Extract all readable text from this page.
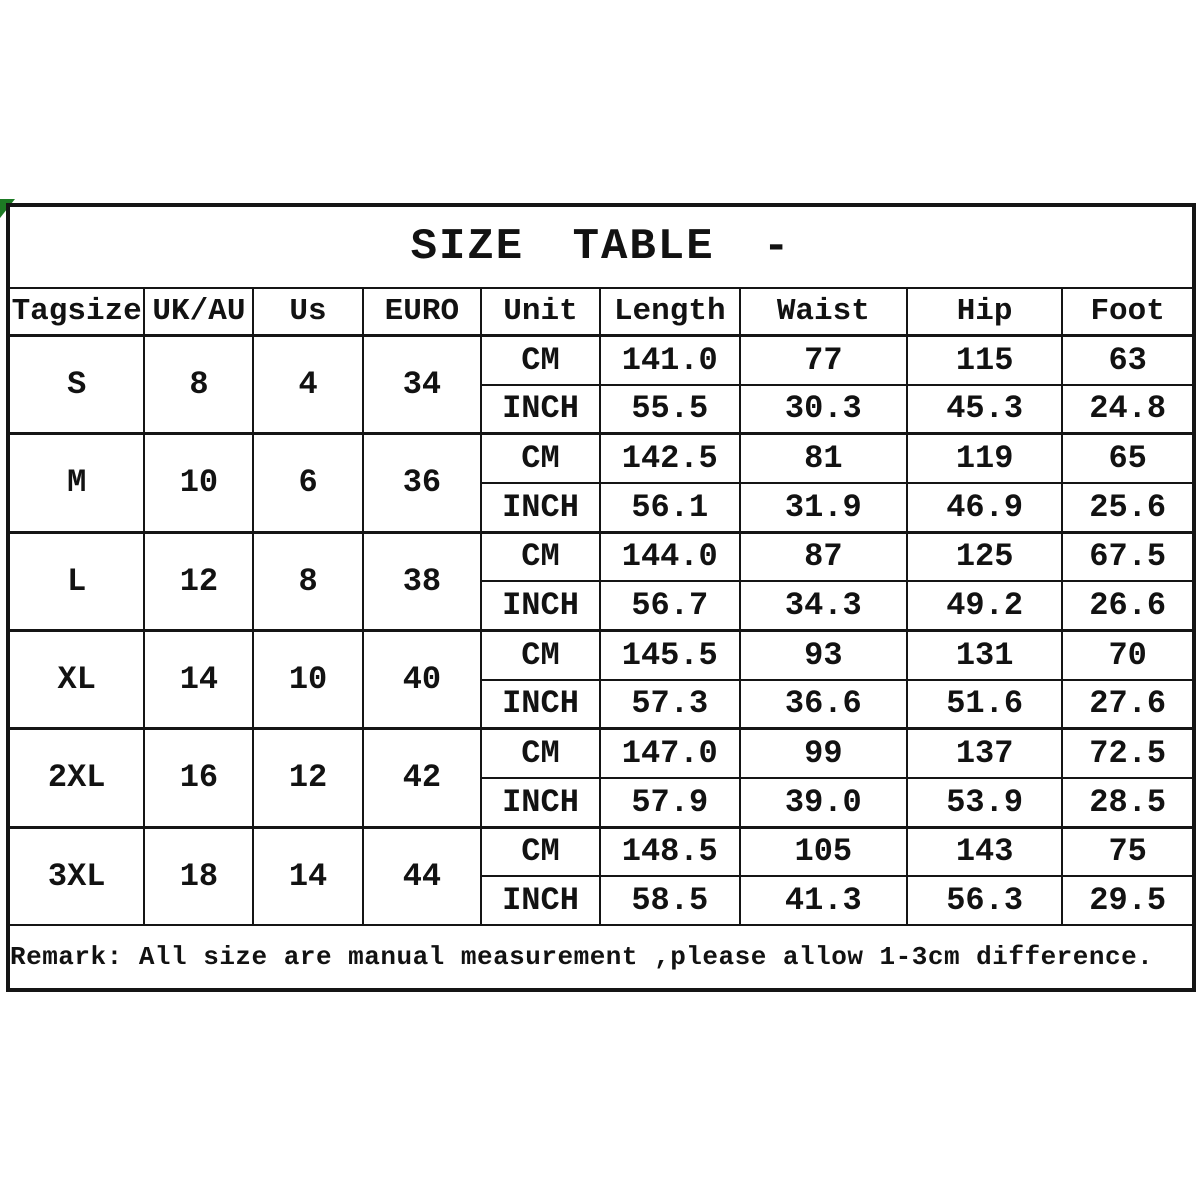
SIZE TABLE -								
Tagsize	UK/AU	Us	EURO	Unit	Length	Waist	Hip	Foot
S	8	4	34	CM	141.0	77	115	63
				INCH	55.5	30.3	45.3	24.8
M	10	6	36	CM	142.5	81	119	65
				INCH	56.1	31.9	46.9	25.6
L	12	8	38	CM	144.0	87	125	67.5
				INCH	56.7	34.3	49.2	26.6
XL	14	10	40	CM	145.5	93	131	70
				INCH	57.3	36.6	51.6	27.6
2XL	16	12	42	CM	147.0	99	137	72.5
				INCH	57.9	39.0	53.9	28.5
3XL	18	14	44	CM	148.5	105	143	75
				INCH	58.5	41.3	56.3	29.5
Remark: All size are manual measurement ,please allow 1-3cm difference.								
